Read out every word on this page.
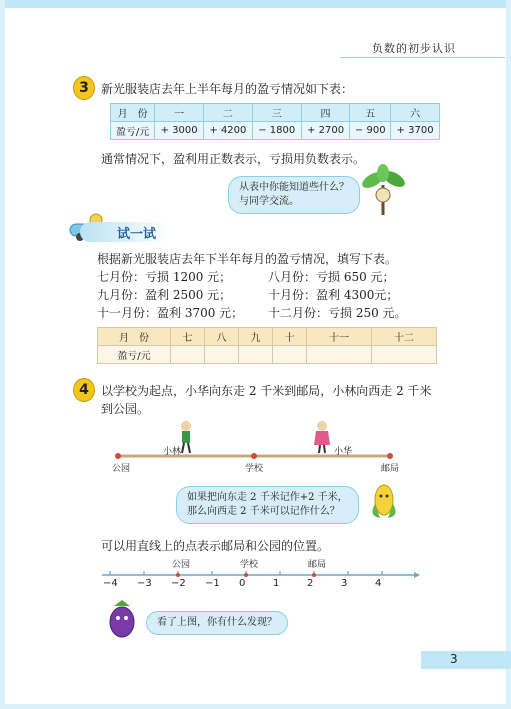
负数的初步认识
3	新光服装店去年上半年每月的盈亏情况如下表：
月　份	一	二	三	四	五	六
盈亏/元	+ 3000	+ 4200	− 1800	+ 2700	− 900	+ 3700
通常情况下，盈利用正数表示，亏损用负数表示。
从表中你能知道些什么？
与同学交流。
试一试
根据新光服装店去年下半年每月的盈亏情况，填写下表。
七月份：亏损 1200 元；	八月份：亏损 650 元；
九月份：盈利 2500 元；	十月份：盈利 4300元；
十一月份：盈利 3700 元； 十二月份：亏损 250 元。
月　份	七	八	九	十	十一	十二
盈亏/元						
4	以学校为起点，小华向东走 2 千米到邮局，小林向西走 2 千米
到公园。
小林	小华
公园	学校	邮局
如果把向东走 2 千米记作+2 千米，
那么向西走 2 千米可以记作什么？
可以用直线上的点表示邮局和公园的位置。
公园	学校	邮局
−4 −3 −2 −1 0	1	2	3	4
看了上图，你有什么发现？
3
